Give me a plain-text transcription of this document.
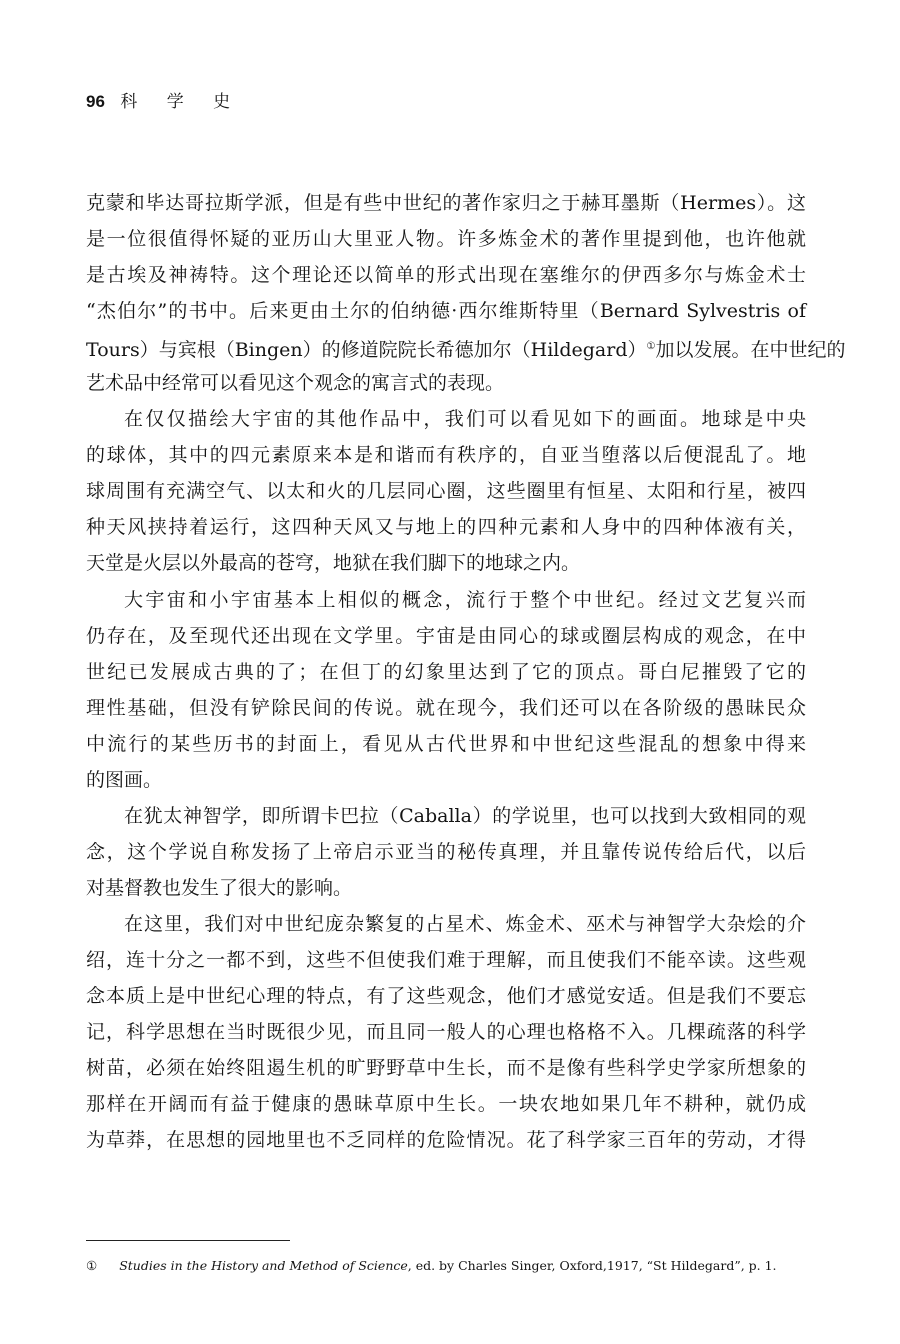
96 科 学 史
克蒙和毕达哥拉斯学派，但是有些中世纪的著作家归之于赫耳墨斯（Hermes）。这
是一位很值得怀疑的亚历山大里亚人物。许多炼金术的著作里提到他，也许他就
是古埃及神祷特。这个理论还以简单的形式出现在塞维尔的伊西多尔与炼金术士
“杰伯尔”的书中。后来更由土尔的伯纳德·西尔维斯特里（Bernard Sylvestris of
Tours）与宾根（Bingen）的修道院院长希德加尔（Hildegard）①加以发展。在中世纪的
艺术品中经常可以看见这个观念的寓言式的表现。
在仅仅描绘大宇宙的其他作品中，我们可以看见如下的画面。地球是中央
的球体，其中的四元素原来本是和谐而有秩序的，自亚当堕落以后便混乱了。地
球周围有充满空气、以太和火的几层同心圈，这些圈里有恒星、太阳和行星，被四
种天风挟持着运行，这四种天风又与地上的四种元素和人身中的四种体液有关，
天堂是火层以外最高的苍穹，地狱在我们脚下的地球之内。
大宇宙和小宇宙基本上相似的概念，流行于整个中世纪。经过文艺复兴而
仍存在，及至现代还出现在文学里。宇宙是由同心的球或圈层构成的观念，在中
世纪已发展成古典的了；在但丁的幻象里达到了它的顶点。哥白尼摧毁了它的
理性基础，但没有铲除民间的传说。就在现今，我们还可以在各阶级的愚昧民众
中流行的某些历书的封面上，看见从古代世界和中世纪这些混乱的想象中得来
的图画。
在犹太神智学，即所谓卡巴拉（Caballa）的学说里，也可以找到大致相同的观
念，这个学说自称发扬了上帝启示亚当的秘传真理，并且靠传说传给后代，以后
对基督教也发生了很大的影响。
在这里，我们对中世纪庞杂繁复的占星术、炼金术、巫术与神智学大杂烩的介
绍，连十分之一都不到，这些不但使我们难于理解，而且使我们不能卒读。这些观
念本质上是中世纪心理的特点，有了这些观念，他们才感觉安适。但是我们不要忘
记，科学思想在当时既很少见，而且同一般人的心理也格格不入。几棵疏落的科学
树苗，必须在始终阻遏生机的旷野野草中生长，而不是像有些科学史学家所想象的
那样在开阔而有益于健康的愚昧草原中生长。一块农地如果几年不耕种，就仍成
为草莽，在思想的园地里也不乏同样的危险情况。花了科学家三百年的劳动，才得
① Studies in the History and Method of Science, ed. by Charles Singer, Oxford,1917, “St Hildegard”, p. 1.
